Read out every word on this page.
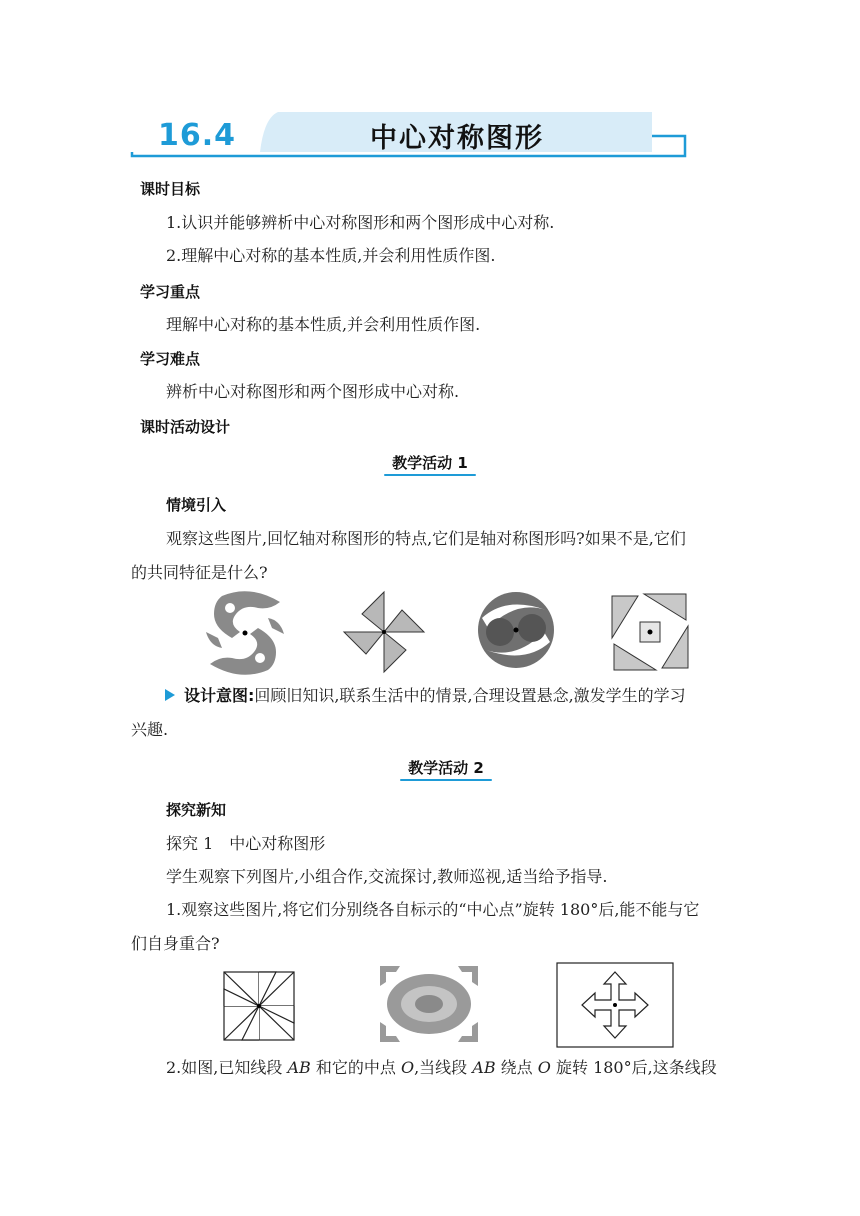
16.4	中心对称图形
课时目标
1.认识并能够辨析中心对称图形和两个图形成中心对称.
2.理解中心对称的基本性质,并会利用性质作图.
学习重点
理解中心对称的基本性质,并会利用性质作图.
学习难点
辨析中心对称图形和两个图形成中心对称.
课时活动设计
教学活动 1
情境引入
观察这些图片,回忆轴对称图形的特点,它们是轴对称图形吗?如果不是,它们
的共同特征是什么?
设计意图:回顾旧知识,联系生活中的情景,合理设置悬念,激发学生的学习
兴趣.
教学活动 2
探究新知
探究 1　中心对称图形
学生观察下列图片,小组合作,交流探讨,教师巡视,适当给予指导.
1.观察这些图片,将它们分别绕各自标示的“中心点”旋转 180°后,能不能与它
们自身重合?
2.如图,已知线段 AB 和它的中点 O,当线段 AB 绕点 O 旋转 180°后,这条线段
